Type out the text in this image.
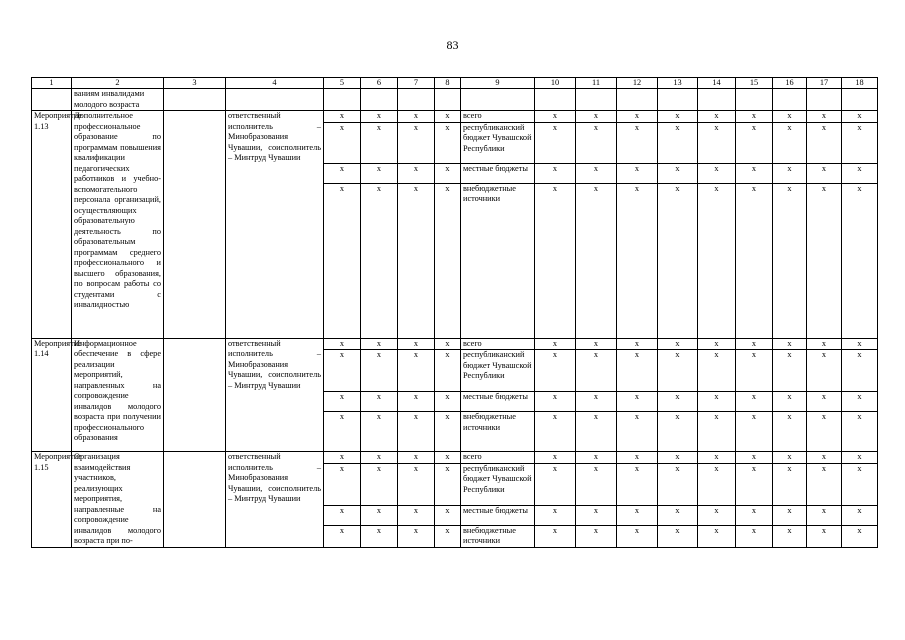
83
1	2	3	4	5	6	7	8	9	10	11	12	13	14	15	16	17	18
	ваниям инвалидами молодого возраста																
Мероприятие 1.13	Дополнительное профессиональное образование по программам повышения квалификации педагогических работников и учебно-вспомогательного персонала организаций, осуществляющих образовательную деятельность по образовательным программам среднего профессионального и высшего образования, по вопросам работы со студентами с инвалидностью		ответственный исполнитель – Минобразования Чувашии, соисполнитель – Минтруд Чувашии	х	х	х	х	всего	х	х	х	х	х	х	х	х	х
				х	х	х	х	республиканский бюджет Чувашской Республики	х	х	х	х	х	х	х	х	х
				х	х	х	х	местные бюджеты	х	х	х	х	х	х	х	х	х
				х	х	х	х	внебюджетные источники	х	х	х	х	х	х	х	х	х
Мероприятие 1.14	Информационное обеспечение в сфере реализации мероприятий, направленных на сопровождение инвалидов молодого возраста при получении профессионального образования		ответственный исполнитель – Минобразования Чувашии, соисполнитель – Минтруд Чувашии	х	х	х	х	всего	х	х	х	х	х	х	х	х	х
				х	х	х	х	республиканский бюджет Чувашской Республики	х	х	х	х	х	х	х	х	х
				х	х	х	х	местные бюджеты	х	х	х	х	х	х	х	х	х
				х	х	х	х	внебюджетные источники	х	х	х	х	х	х	х	х	х
Мероприятие 1.15	Организация взаимодействия участников, реализующих мероприятия, направленные на сопровождение инвалидов молодого возраста при по-		ответственный исполнитель – Минобразования Чувашии, соисполнитель – Минтруд Чувашии	х	х	х	х	всего	х	х	х	х	х	х	х	х	х
				х	х	х	х	республиканский бюджет Чувашской Республики	х	х	х	х	х	х	х	х	х
				х	х	х	х	местные бюджеты	х	х	х	х	х	х	х	х	х
				х	х	х	х	внебюджетные источники	х	х	х	х	х	х	х	х	х
